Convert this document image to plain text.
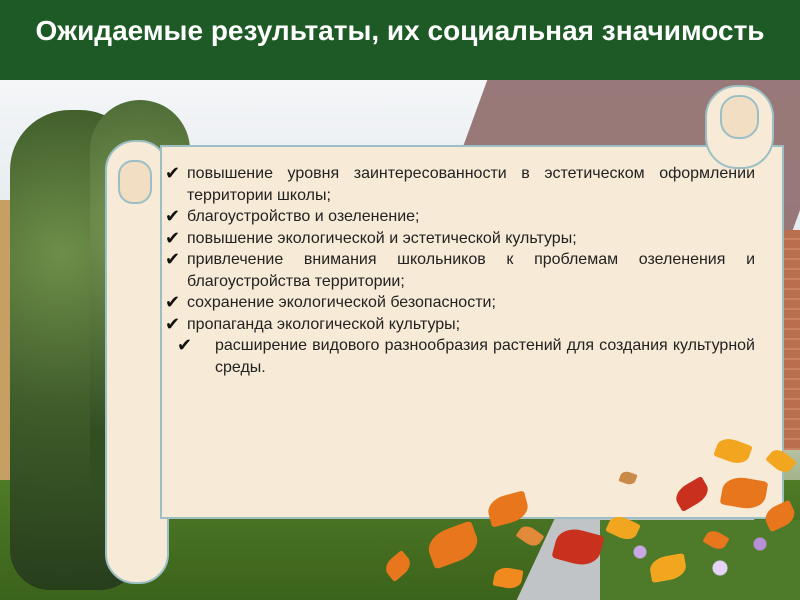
Ожидаемые результаты, их социальная значимость
✔ повышение уровня заинтересованности в эстетическом оформлении территории школы;
✔ благоустройство и озеленение;
✔ повышение экологической и эстетической культуры;
✔ привлечение внимания школьников к проблемам озеленения и благоустройства территории;
✔ сохранение экологической безопасности;
✔ пропаганда экологической культуры;
✔ расширение видового разнообразия растений для создания культурной среды.
